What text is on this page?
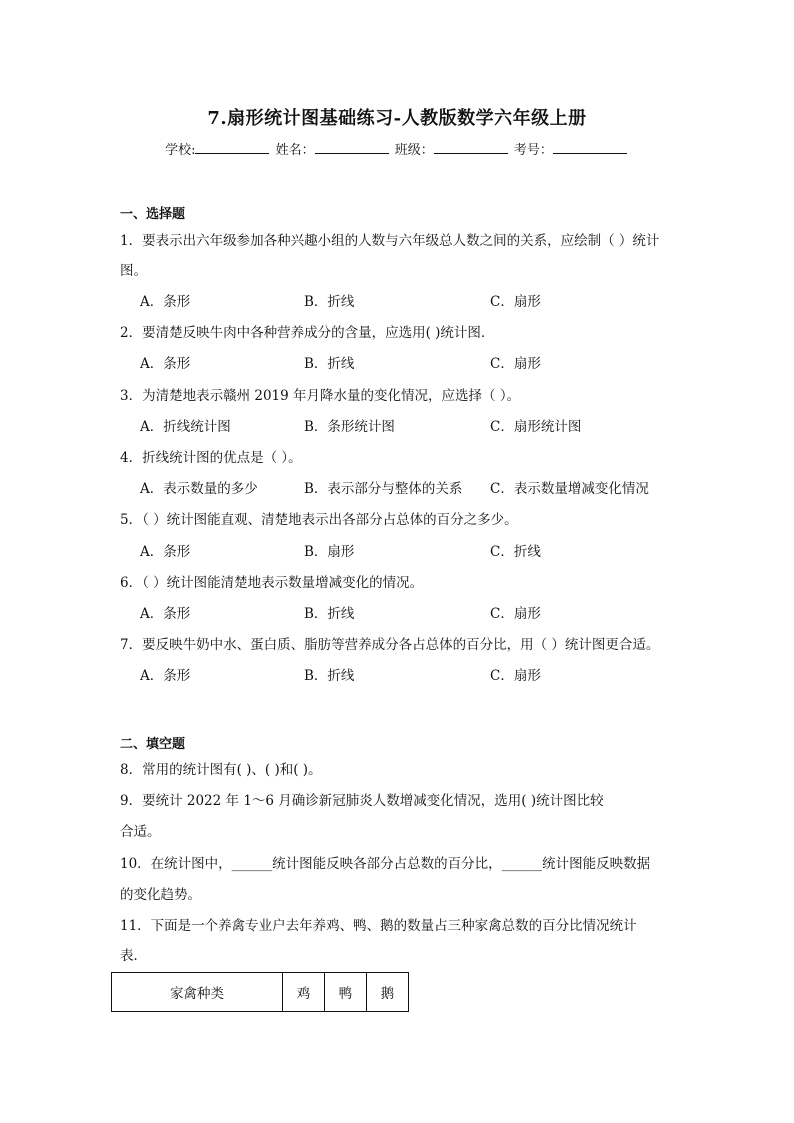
7.扇形统计图基础练习-人教版数学六年级上册
学校:	姓名：	班级：	考号：
一、选择题
1．要表示出六年级参加各种兴趣小组的人数与六年级总人数之间的关系，应绘制（ ）统计
图。
A．条形	B．折线	C．扇形
2．要清楚反映牛肉中各种营养成分的含量，应选用( )统计图．
A．条形	B．折线	C．扇形
3．为清楚地表示赣州 2019 年月降水量的变化情况，应选择（ ）。
A．折线统计图	B．条形统计图	C．扇形统计图
4．折线统计图的优点是（ ）。
A．表示数量的多少	B．表示部分与整体的关系 C．表示数量增减变化情况
5．（ ）统计图能直观、清楚地表示出各部分占总体的百分之多少。
A．条形	B．扇形	C．折线
6．（ ）统计图能清楚地表示数量增减变化的情况。
A．条形	B．折线	C．扇形
7．要反映牛奶中水、蛋白质、脂肪等营养成分各占总体的百分比，用（ ）统计图更合适。
A．条形	B．折线	C．扇形
二、填空题
8．常用的统计图有( )、( )和( )。
9．要统计 2022 年 1～6 月确诊新冠肺炎人数增减变化情况，选用( )统计图比较
合适。
10．在统计图中，______统计图能反映各部分占总数的百分比，______统计图能反映数据
的变化趋势。
11．下面是一个养禽专业户去年养鸡、鸭、鹅的数量占三种家禽总数的百分比情况统计
表．
家禽种类	鸡	鸭	鹅
